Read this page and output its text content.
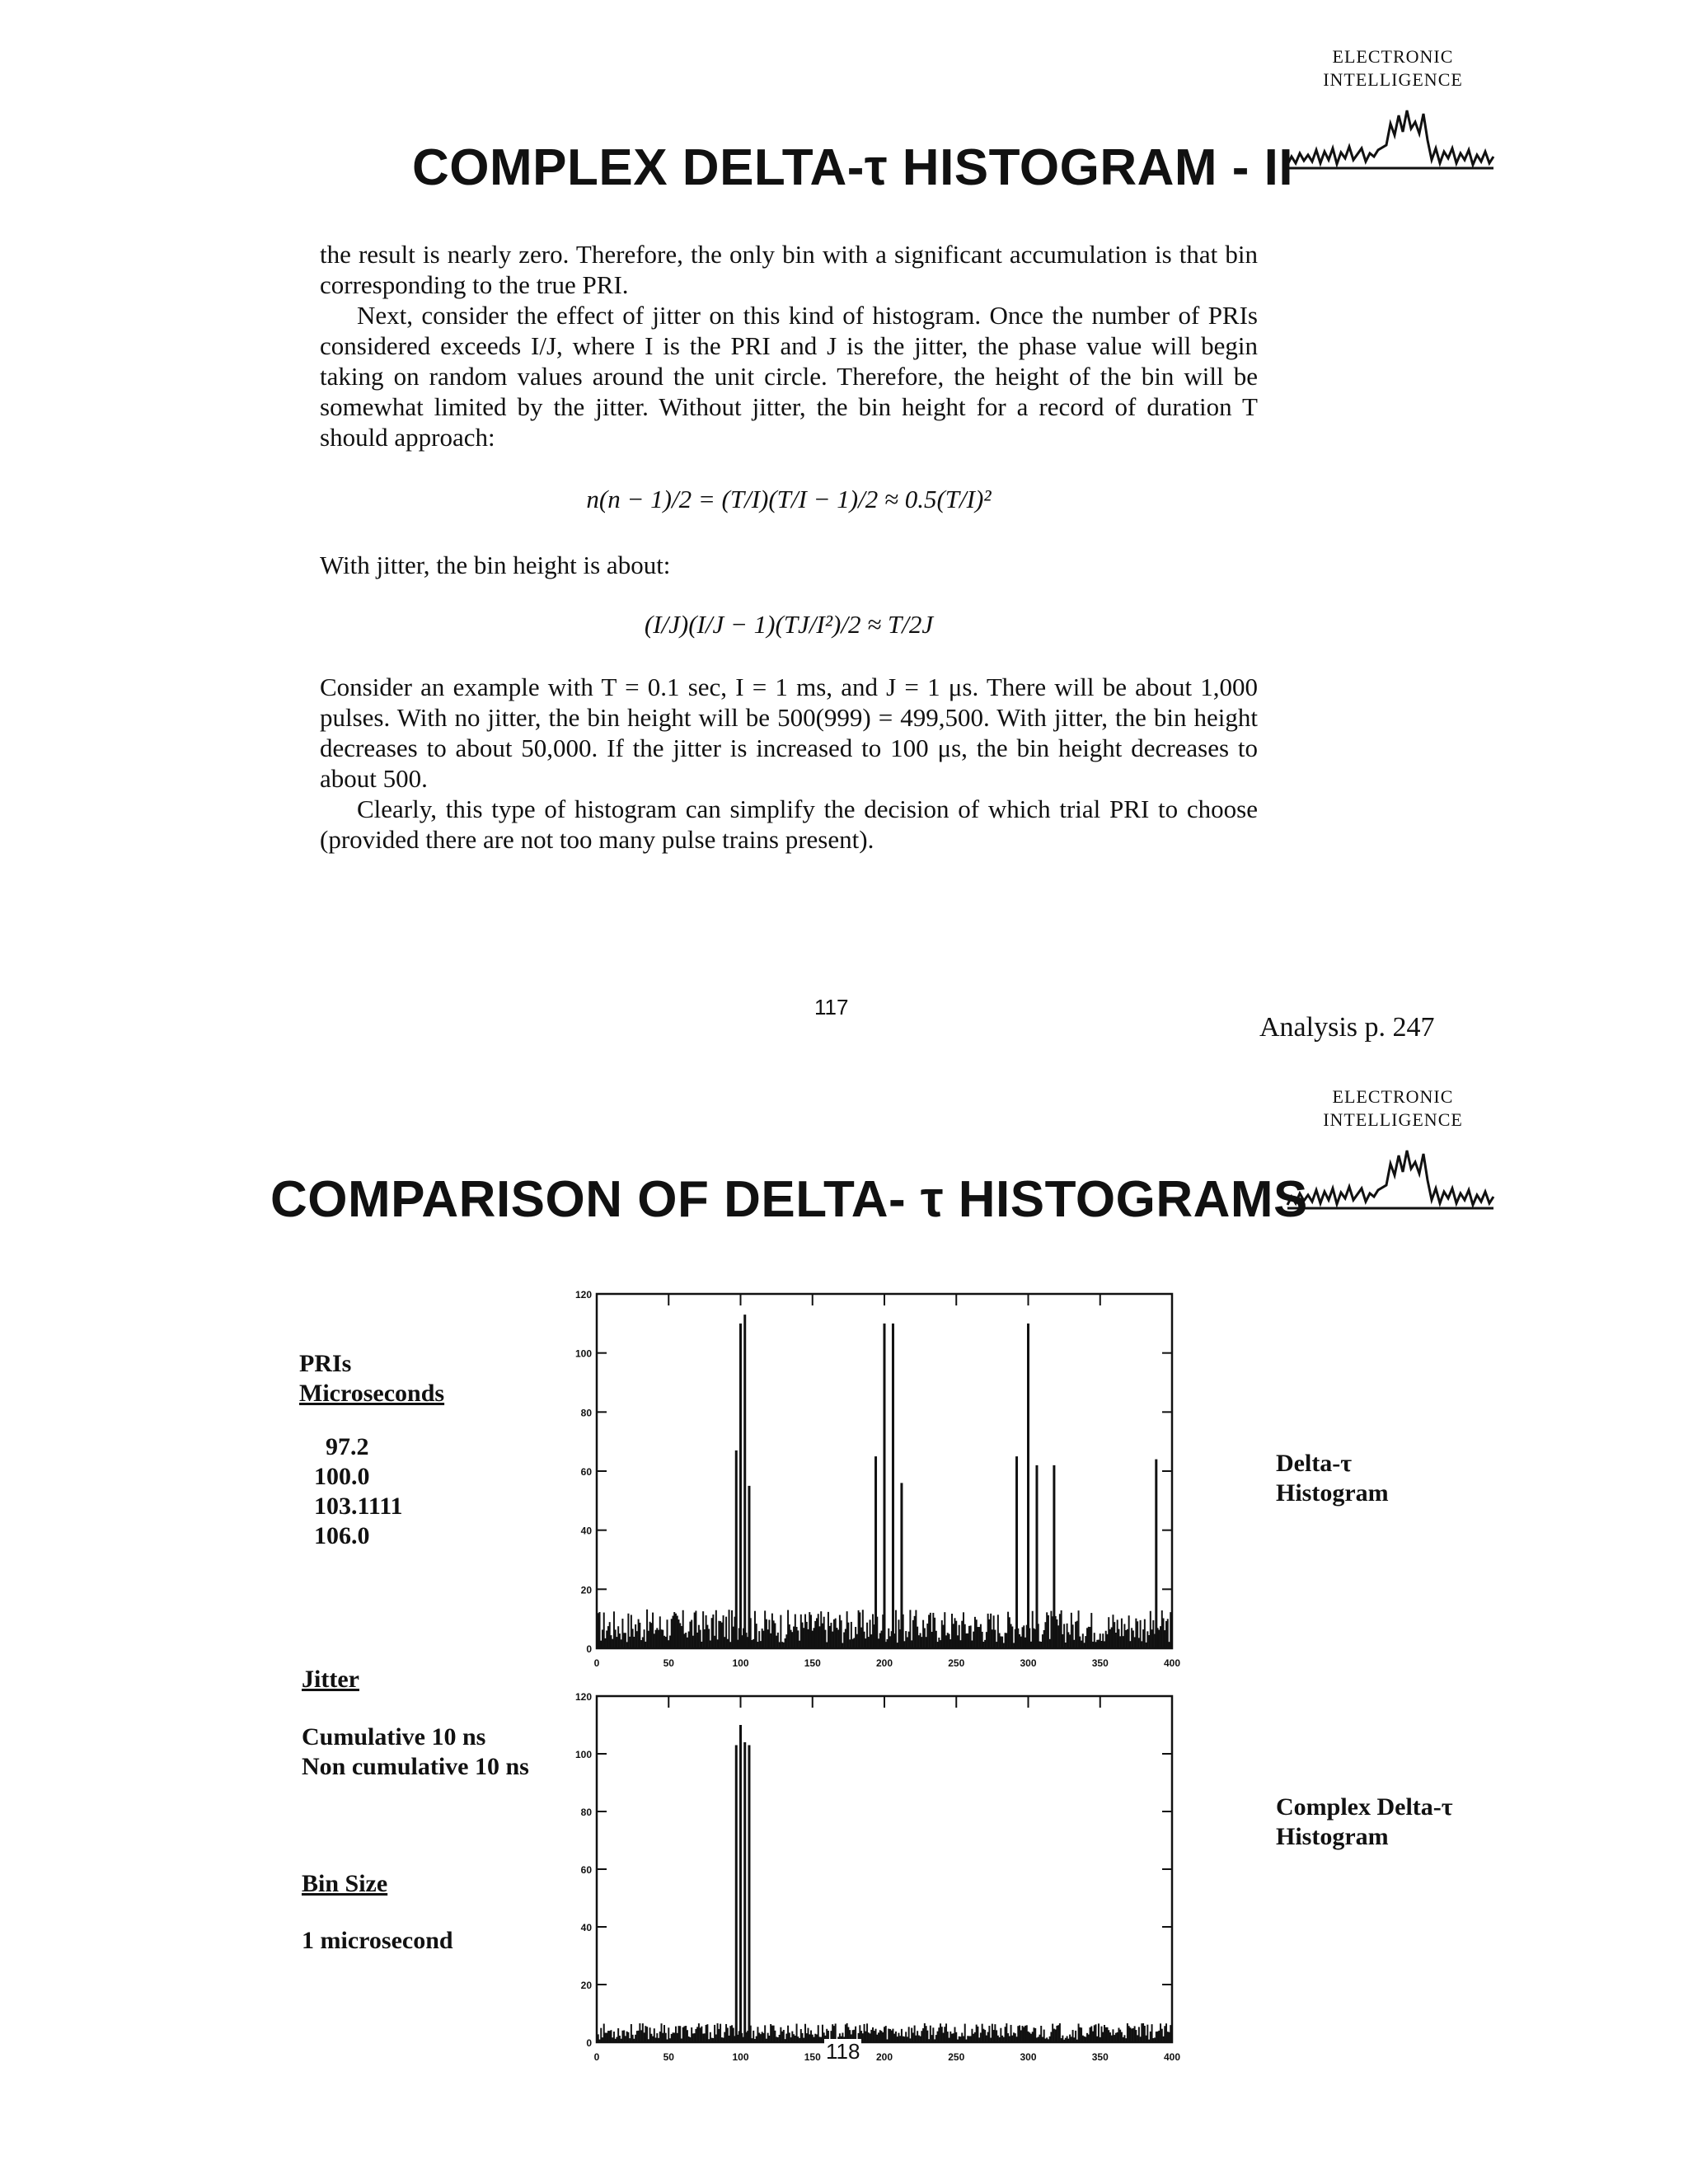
ELECTRONIC
INTELLIGENCE
COMPLEX DELTA-τ HISTOGRAM - II
the result is nearly zero. Therefore, the only bin with a significant accumulation is that bin corresponding to the true PRI.
Next, consider the effect of jitter on this kind of histogram. Once the number of PRIs considered exceeds I/J, where I is the PRI and J is the jitter, the phase value will begin taking on random values around the unit circle. Therefore, the height of the bin will be somewhat limited by the jitter. Without jitter, the bin height for a record of duration T should approach:
n(n − 1)/2 = (T/I)(T/I − 1)/2 ≈ 0.5(T/I)²
With jitter, the bin height is about:
(I/J)(I/J − 1)(TJ/I²)/2 ≈ T/2J
Consider an example with T = 0.1 sec, I = 1 ms, and J = 1 μs. There will be about 1,000 pulses. With no jitter, the bin height will be 500(999) = 499,500. With jitter, the bin height decreases to about 50,000. If the jitter is increased to 100 μs, the bin height decreases to about 500.
Clearly, this type of histogram can simplify the decision of which trial PRI to choose (provided there are not too many pulse trains present).
117
Analysis p. 247
ELECTRONIC
INTELLIGENCE
COMPARISON OF DELTA- τ HISTOGRAMS
PRIs
Microseconds
97.2
100.0
103.1111
106.0
Jitter
Cumulative 10 ns
Non cumulative 10 ns
Bin Size
1 microsecond
Delta-τ
Histogram
Complex Delta-τ
Histogram
0
20
40
60
80
100
120
0	50	100	150	200	250	300	350	400
0
20
40
60
80
100
120
0	50	100	150	200	250	300	350	400
118
